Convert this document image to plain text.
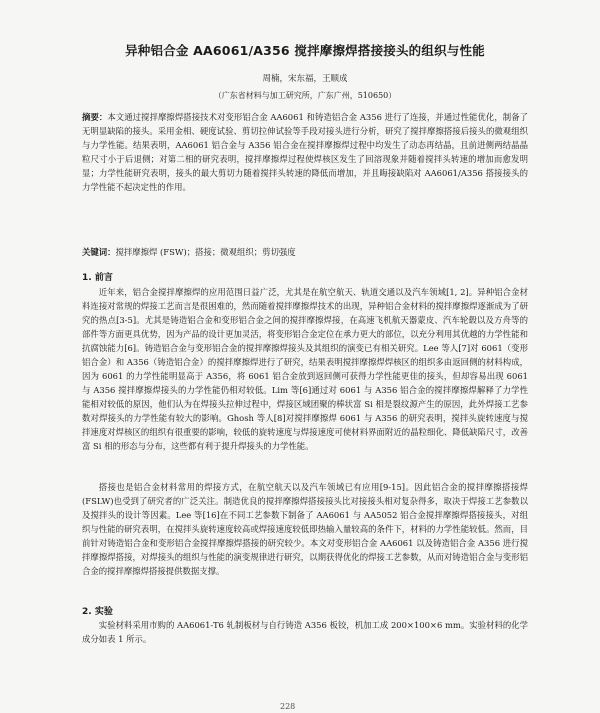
异种铝合金 AA6061/A356 搅拌摩擦焊搭接接头的组织与性能
周楠，宋东福，王顺成
（广东省材料与加工研究所，广东广州，510650）
摘要：本文通过搅拌摩擦焊搭接技术对变形铝合金 AA6061 和铸造铝合金 A356 进行了连接，并通过性能优化，制备了无明显缺陷的接头。采用金相、硬度试验、剪切拉伸试验等手段对接头进行分析，研究了搅拌摩擦搭接后接头的微观组织与力学性能。结果表明，AA6061 铝合金与 A356 铝合金在搅拌摩擦焊过程中均发生了动态再结晶，且前进侧两结晶晶粒尺寸小于后退侧；对第二相的研究表明，搅拌摩擦焊过程使焊核区发生了回溶现象并随着搅拌头转速的增加而愈发明显；力学性能研究表明，接头的最大剪切力随着搅拌头转速的降低而增加，并且晦接缺陷对 AA6061/A356 搭接接头的力学性能不起决定性的作用。
关键词：搅拌摩擦焊 (FSW)；搭接；微观组织；剪切强度
1. 前言
近年来，铝合金搅拌摩擦焊的应用范围日益广泛，尤其是在航空航天、轨道交通以及汽车领域[1, 2]。异种铝合金材料连接对常规的焊接工艺而言是很困难的，然而随着搅拌摩擦焊技术的出现，异种铝合金材料的搅拌摩擦焊逐渐成为了研究的热点[3-5]。尤其是铸造铝合金和变形铝合金之间的搅拌摩擦焊接，在高速飞机航天器蒙皮、汽车轮毂以及方舟等的部件等方面更具优势，因为产品的设计更加灵活，将变形铝合金定位在承力更大的部位，以充分利用其优越的力学性能和抗腐蚀能力[6]。铸造铝合金与变形铝合金的搅拌摩擦焊接头及其组织的演变已有相关研究。Lee 等人[7]对 6061（变形铝合金）和 A356（铸造铝合金）的搅拌摩擦焊进行了研究，结果表明搅拌摩擦焊焊核区的组织多由返回侧的材料构成，因为 6061 的力学性能明显高于 A356，将 6061 铝合金放到返回侧可获得力学性能更佳的接头，但却容易出现 6061 与 A356 搅拌摩擦焊接头的力学性能仍相对较低。Lim 等[6]通过对 6061 与 A356 铝合金的搅拌摩擦焊解释了力学性能相对较低的原因，他们认为在焊接头拉伸过程中，焊接区域团聚的棒状富 Si 相是裂纹源产生的原因，此外焊接工艺参数对焊接头的力学性能有较大的影响。Ghosh 等人[8]对搅拌摩擦焊 6061 与 A356 的研究表明，搅拌头旋转速度与搅拌速度对焊核区的组织有很重要的影响，较低的旋转速度与焊接速度可使材料界面附近的晶粒细化、降低缺陷尺寸，改善富 Si 相的形态与分布，这些都有利于提升焊接头的力学性能。
搭接也是铝合金材料常用的焊接方式，在航空航天以及汽车领域已有应用[9-15]。因此铝合金的搅拌摩擦搭接焊(FSLW)也受到了研究者的广泛关注。制造优良的搅拌摩擦焊搭接接头比对接接头相对复杂得多，取决于焊接工艺参数以及搅拌头的设计等因素。Lee 等[16]在不同工艺参数下制备了 AA6061 与 AA5052 铝合金搅拌摩擦焊搭接接头，对组织与性能的研究表明，在搅拌头旋转速度较高或焊接速度较低即热输入量较高的条件下，材料的力学性能较低。然而，目前针对铸造铝合金和变形铝合金搅拌摩擦焊搭接的研究较少。本文对变形铝合金 AA6061 以及铸造铝合金 A356 进行搅拌摩擦焊搭接，对焊接头的组织与性能的演变规律进行研究，以期获得优化的焊接工艺参数，从而对铸造铝合金与变形铝合金的搅拌摩擦焊搭接提供数据支撑。
2. 实验
实验材料采用市购的 AA6061-T6 轧制板材与自行铸造 A356 板铰，机加工成 200×100×6 mm。实验材料的化学成分如表 1 所示。
228
